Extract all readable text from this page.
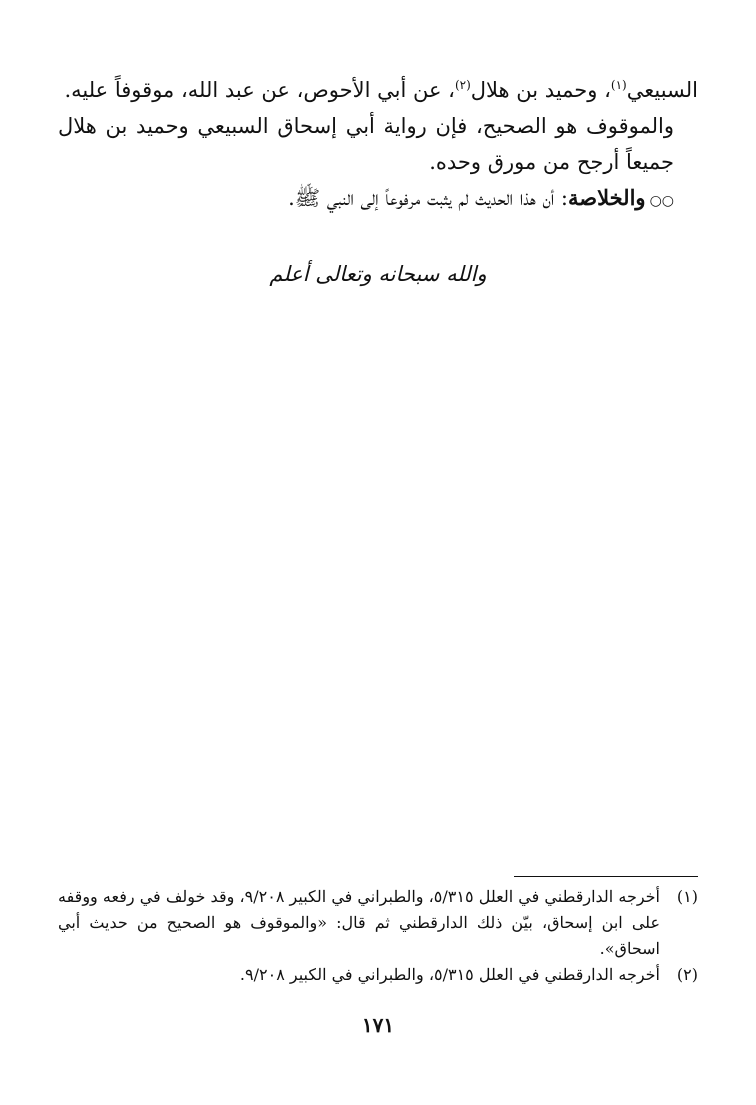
السبيعي$^{(١)}$، وحميد بن هلال$^{(٢)}$، عن أبي الأحوص، عن عبد الله، موقوفاً عليه.

والموقوف هو الصحيح، فإن رواية أبي إسحاق السبيعي وحميد بن هلال جميعاً أرجح من مورق وحده.

○○والخلاصة: أن هذا الحديث لم يثبت مرفوعاً إلى النبي ﷺ.

والله سبحانه وتعالى أعلم

(١)
أخرجه الدارقطني في العلل ٥/٣١٥، والطبراني في الكبير ٩/٢٠٨، وقد خولف في رفعه ووقفه على ابن إسحاق، بيّن ذلك الدارقطني ثم قال: «والموقوف هو الصحيح من حديث أبي اسحاق».

(٢)
أخرجه الدارقطني في العلل ٥/٣١٥، والطبراني في الكبير ٩/٢٠٨.

١٧١
